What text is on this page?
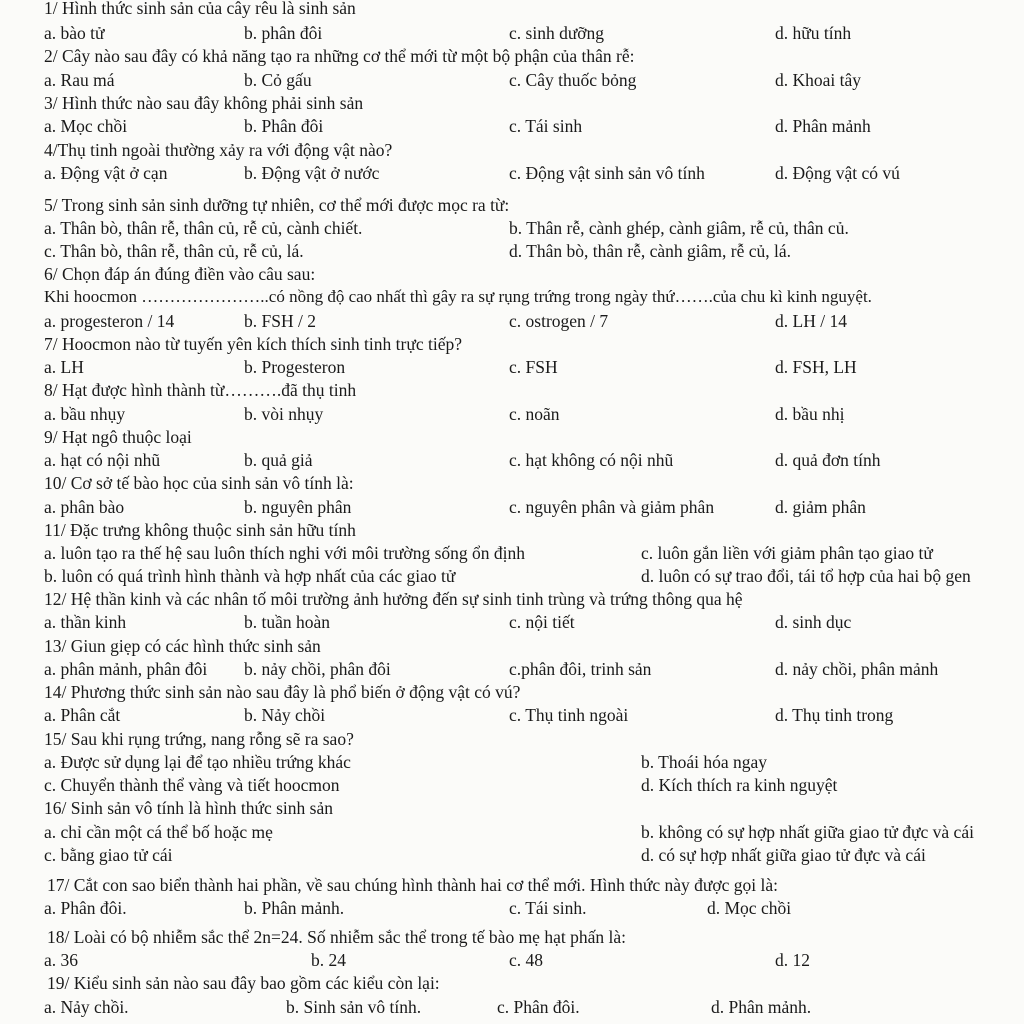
1/ Hình thức sinh sản của cây rêu là sinh sản
a. bào tử	b. phân đôi	c. sinh dưỡng	d. hữu tính
2/ Cây nào sau đây có khả năng tạo ra những cơ thể mới từ một bộ phận của thân rễ:
a. Rau má	b. Cỏ gấu	c. Cây thuốc bỏng	d. Khoai tây
3/ Hình thức nào sau đây không phải sinh sản
a. Mọc chồi	b. Phân đôi	c. Tái sinh	d. Phân mảnh
4/Thụ tinh ngoài thường xảy ra với động vật nào?
a. Động vật ở cạn	b. Động vật ở nước	c. Động vật sinh sản vô tính	d. Động vật có vú
5/ Trong sinh sản sinh dưỡng tự nhiên, cơ thể mới được mọc ra từ:
a. Thân bò, thân rễ, thân củ, rễ củ, cành chiết.	b. Thân rễ, cành ghép, cành giâm, rễ củ, thân củ.
c. Thân bò, thân rễ, thân củ, rễ củ, lá.	d. Thân bò, thân rễ, cành giâm, rễ củ, lá.
6/ Chọn đáp án đúng điền vào câu sau:
Khi hoocmon …………………..có nồng độ cao nhất thì gây ra sự rụng trứng trong ngày thứ…….của chu kì kinh nguyệt.
a. progesteron / 14	b. FSH / 2	c. ostrogen / 7	d. LH / 14
7/ Hoocmon nào từ tuyến yên kích thích sinh tinh trực tiếp?
a. LH	b. Progesteron	c. FSH	d. FSH, LH
8/ Hạt được hình thành từ……….đã thụ tinh
a. bầu nhụy	b. vòi nhụy	c. noãn	d. bầu nhị
9/ Hạt ngô thuộc loại
a. hạt có nội nhũ	b. quả giả	c. hạt không có nội nhũ	d. quả đơn tính
10/ Cơ sở tế bào học của sinh sản vô tính là:
a. phân bào	b. nguyên phân	c. nguyên phân và giảm phân	d. giảm phân
11/ Đặc trưng không thuộc sinh sản hữu tính
a. luôn tạo ra thế hệ sau luôn thích nghi với môi trường sống ổn định	c. luôn gắn liền với giảm phân tạo giao tử
b. luôn có quá trình hình thành và hợp nhất của các giao tử	d. luôn có sự trao đổi, tái tổ hợp của hai bộ gen
12/ Hệ thần kinh và các nhân tố môi trường ảnh hưởng đến sự sinh tinh trùng và trứng thông qua hệ
a. thần kinh	b. tuần hoàn	c. nội tiết	d. sinh dục
13/ Giun giẹp có các hình thức sinh sản
a. phân mảnh, phân đôi b. nảy chồi, phân đôi	c.phân đôi, trinh sản	d. nảy chồi, phân mảnh
14/ Phương thức sinh sản nào sau đây là phổ biến ở động vật có vú?
a. Phân cắt	b. Nảy chồi	c. Thụ tinh ngoài	d. Thụ tinh trong
15/ Sau khi rụng trứng, nang rỗng sẽ ra sao?
a. Được sử dụng lại để tạo nhiều trứng khác	b. Thoái hóa ngay
c. Chuyển thành thể vàng và tiết hoocmon	d. Kích thích ra kinh nguyệt
16/ Sinh sản vô tính là hình thức sinh sản
a. chỉ cần một cá thể bố hoặc mẹ	b. không có sự hợp nhất giữa giao tử đực và cái
c. bằng giao tử cái	d. có sự hợp nhất giữa giao tử đực và cái
17/ Cắt con sao biển thành hai phần, về sau chúng hình thành hai cơ thể mới. Hình thức này được gọi là:
a. Phân đôi.	b. Phân mảnh.	c. Tái sinh.	d. Mọc chồi
18/ Loài có bộ nhiễm sắc thể 2n=24. Số nhiễm sắc thể trong tế bào mẹ hạt phấn là:
a. 36	b. 24	c. 48	d. 12
19/ Kiểu sinh sản nào sau đây bao gồm các kiểu còn lại:
a. Nảy chồi.	b. Sinh sản vô tính.	c. Phân đôi.	d. Phân mảnh.
